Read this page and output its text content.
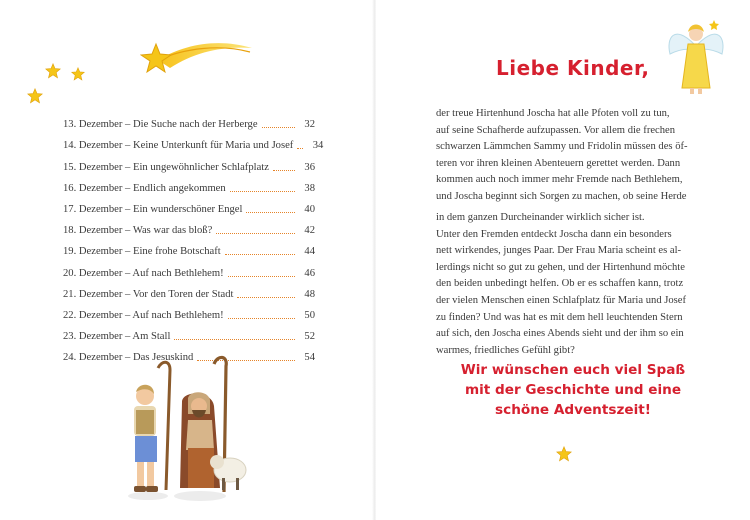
13. Dezember – Die Suche nach der Herberge	32
14. Dezember – Keine Unterkunft für Maria und Josef	34
15. Dezember – Ein ungewöhnlicher Schlafplatz	36
16. Dezember – Endlich angekommen	38
17. Dezember – Ein wunderschöner Engel	40
18. Dezember – Was war das bloß?	42
19. Dezember – Eine frohe Botschaft	44
20. Dezember – Auf nach Bethlehem!	46
21. Dezember – Vor den Toren der Stadt	48
22. Dezember – Auf nach Bethlehem!	50
23. Dezember – Am Stall	52
24. Dezember – Das Jesuskind	54
Liebe Kinder,
der treue Hirtenhund Joscha hat alle Pfoten voll zu tun,
auf seine Schafherde aufzupassen. Vor allem die frechen
schwarzen Lämmchen Sammy und Fridolin müssen des öf-
teren vor ihren kleinen Abenteuern gerettet werden. Dann
kommen auch noch immer mehr Fremde nach Bethlehem,
und Joscha beginnt sich Sorgen zu machen, ob seine Herde
in dem ganzen Durcheinander wirklich sicher ist.
Unter den Fremden entdeckt Joscha dann ein besonders
nett wirkendes, junges Paar. Der Frau Maria scheint es al-
lerdings nicht so gut zu gehen, und der Hirtenhund möchte
den beiden unbedingt helfen. Ob er es schaffen kann, trotz
der vielen Menschen einen Schlafplatz für Maria und Josef
zu finden? Und was hat es mit dem hell leuchtenden Stern
auf sich, den Joscha eines Abends sieht und der ihm so ein
warmes, friedliches Gefühl gibt?
Wir wünschen euch viel Spaß
mit der Geschichte und eine
schöne Adventszeit!
